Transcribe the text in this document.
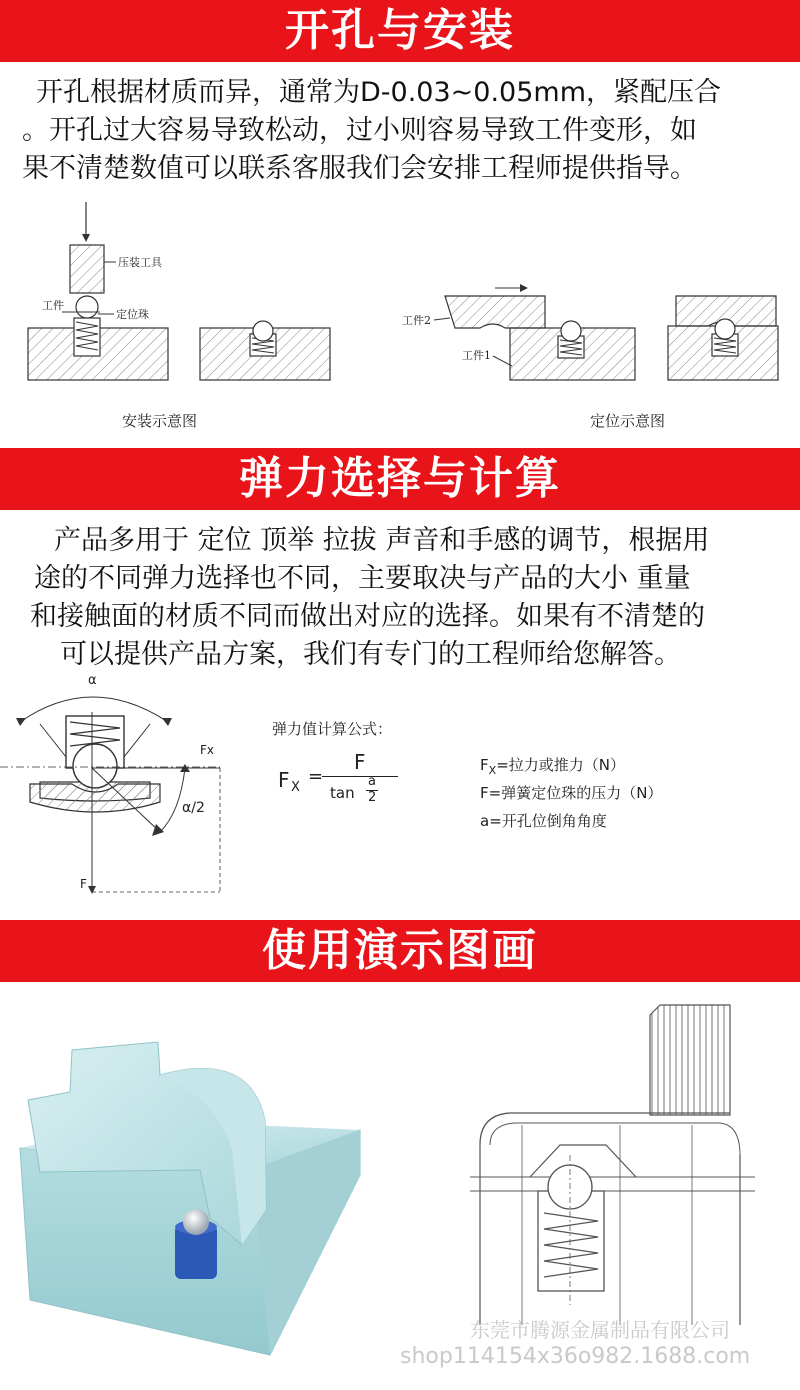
开孔与安装

开孔根据材质而异，通常为D-0.03~0.05mm，紧配压合

。开孔过大容易导致松动，过小则容易导致工件变形，如

果不清楚数值可以联系客服我们会安排工程师提供指导。

压装工具
工件
定位珠	工件2
工件1
安装示意图	定位示意图
弹力选择与计算

产品多用于 定位 顶举 拉拔 声音和手感的调节，根据用

途的不同弹力选择也不同，主要取决与产品的大小 重量

和接触面的材质不同而做出对应的选择。如果有不清楚的

可以提供产品方案，我们有专门的工程师给您解答。

α
Fx
F
α/2
弹力值计算公式：
F X
=
F
tan
a
2
$F_X=$拉力或推力（N）
F=弹簧定位珠的压力（N）
a=开孔位倒角角度
使用演示图画
东莞市腾源金属制品有限公司
shop114154x36o982.1688.com
